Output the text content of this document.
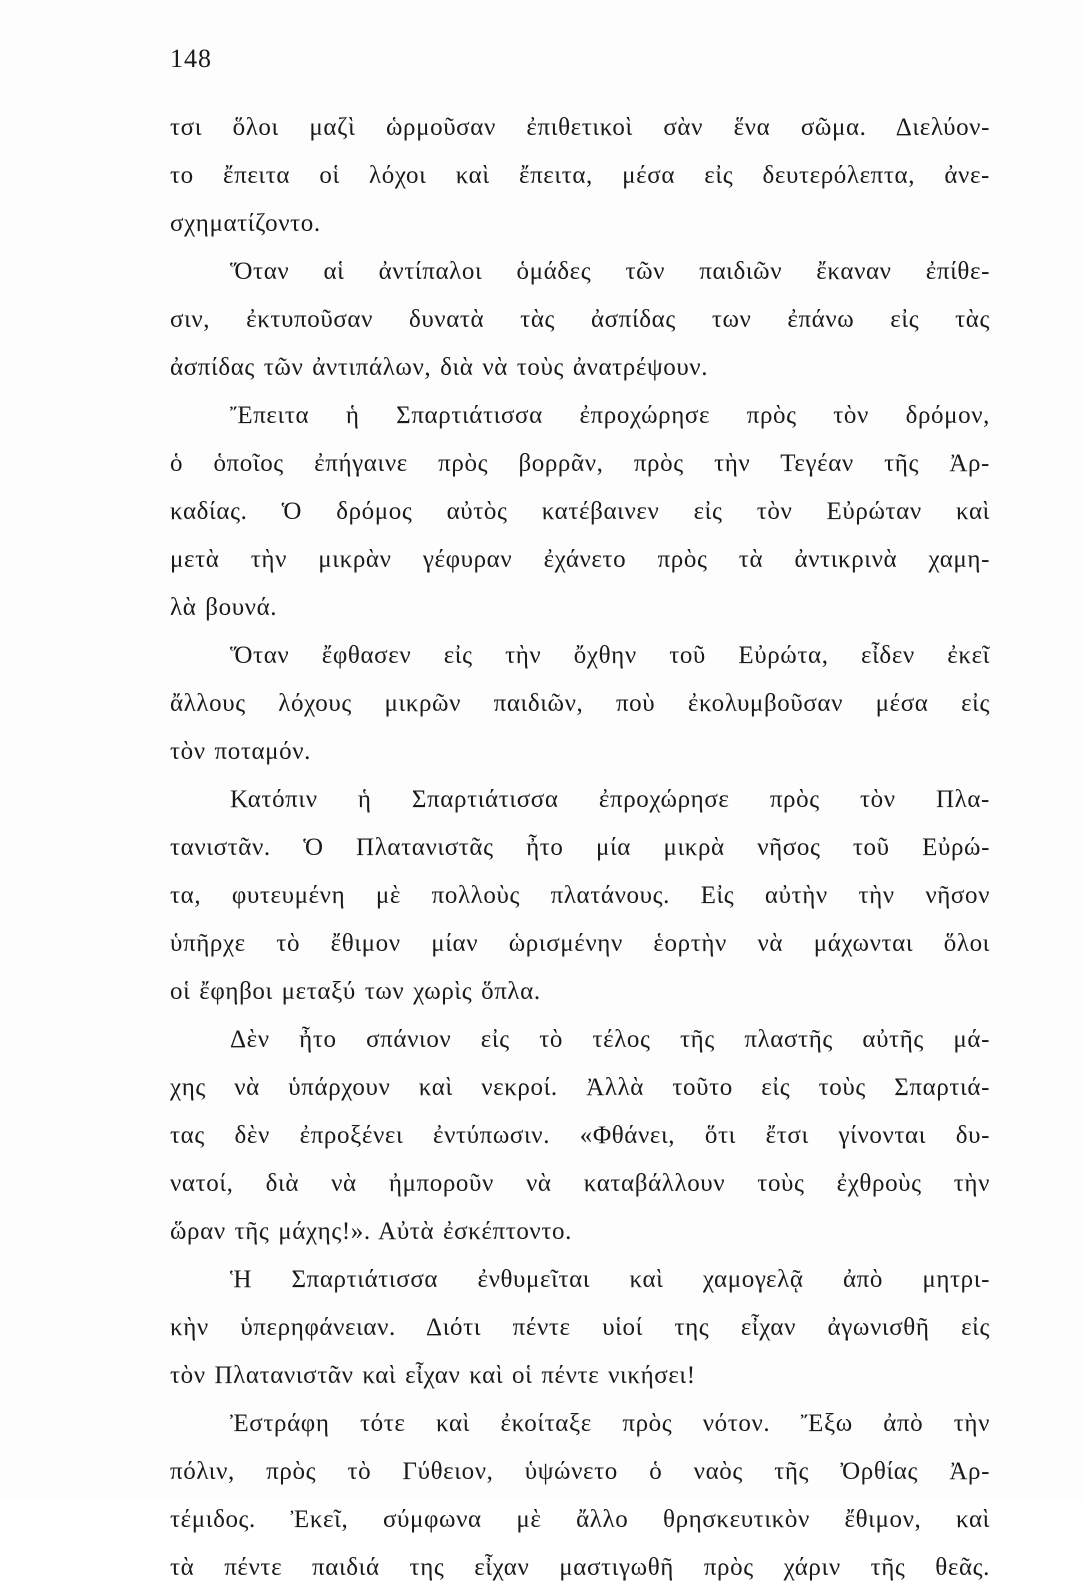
148
τσι ὅλοι μαζὶ ὡρμοῦσαν ἐπιθετικοὶ σὰν ἕνα σῶμα. Διελύον-
το ἔπειτα οἱ λόχοι καὶ ἔπειτα, μέσα εἰς δευτερόλεπτα, ἀνε-
σχηματίζοντο.
Ὅταν αἱ ἀντίπαλοι ὁμάδες τῶν παιδιῶν ἔκαναν ἐπίθε-
σιν, ἐκτυποῦσαν δυνατὰ τὰς ἀσπίδας των ἐπάνω εἰς τὰς
ἀσπίδας τῶν ἀντιπάλων, διὰ νὰ τοὺς ἀνατρέψουν.
Ἔπειτα ἡ Σπαρτιάτισσα ἐπροχώρησε πρὸς τὸν δρόμον,
ὁ ὁποῖος ἐπήγαινε πρὸς βορρᾶν, πρὸς τὴν Τεγέαν τῆς Ἀρ-
καδίας. Ὁ δρόμος αὐτὸς κατέβαινεν εἰς τὸν Εὐρώταν καὶ
μετὰ τὴν μικρὰν γέφυραν ἐχάνετο πρὸς τὰ ἀντικρινὰ χαμη-
λὰ βουνά.
Ὅταν ἔφθασεν εἰς τὴν ὄχθην τοῦ Εὐρώτα, εἶδεν ἐκεῖ
ἄλλους λόχους μικρῶν παιδιῶν, ποὺ ἐκολυμβοῦσαν μέσα εἰς
τὸν ποταμόν.
Κατόπιν ἡ Σπαρτιάτισσα ἐπροχώρησε πρὸς τὸν Πλα-
τανιστᾶν. Ὁ Πλατανιστᾶς ἦτο μία μικρὰ νῆσος τοῦ Εὐρώ-
τα, φυτευμένη μὲ πολλοὺς πλατάνους. Εἰς αὐτὴν τὴν νῆσον
ὑπῆρχε τὸ ἔθιμον μίαν ὡρισμένην ἑορτὴν νὰ μάχωνται ὅλοι
οἱ ἔφηβοι μεταξύ των χωρὶς ὅπλα.
Δὲν ἦτο σπάνιον εἰς τὸ τέλος τῆς πλαστῆς αὐτῆς μά-
χης νὰ ὑπάρχουν καὶ νεκροί. Ἀλλὰ τοῦτο εἰς τοὺς Σπαρτιά-
τας δὲν ἐπροξένει ἐντύπωσιν. «Φθάνει, ὅτι ἔτσι γίνονται δυ-
νατοί, διὰ νὰ ἠμποροῦν νὰ καταβάλλουν τοὺς ἐχθροὺς τὴν
ὥραν τῆς μάχης!». Αὐτὰ ἐσκέπτοντο.
Ἡ Σπαρτιάτισσα ἐνθυμεῖται καὶ χαμογελᾷ ἀπὸ μητρι-
κὴν ὑπερηφάνειαν. Διότι πέντε υἱοί της εἶχαν ἀγωνισθῆ εἰς
τὸν Πλατανιστᾶν καὶ εἶχαν καὶ οἱ πέντε νικήσει!
Ἐστράφη τότε καὶ ἐκοίταξε πρὸς νότον. Ἔξω ἀπὸ τὴν
πόλιν, πρὸς τὸ Γύθειον, ὑψώνετο ὁ ναὸς τῆς Ὀρθίας Ἀρ-
τέμιδος. Ἐκεῖ, σύμφωνα μὲ ἄλλο θρησκευτικὸν ἔθιμον, καὶ
τὰ πέντε παιδιά της εἶχαν μαστιγωθῆ πρὸς χάριν τῆς θεᾶς.
